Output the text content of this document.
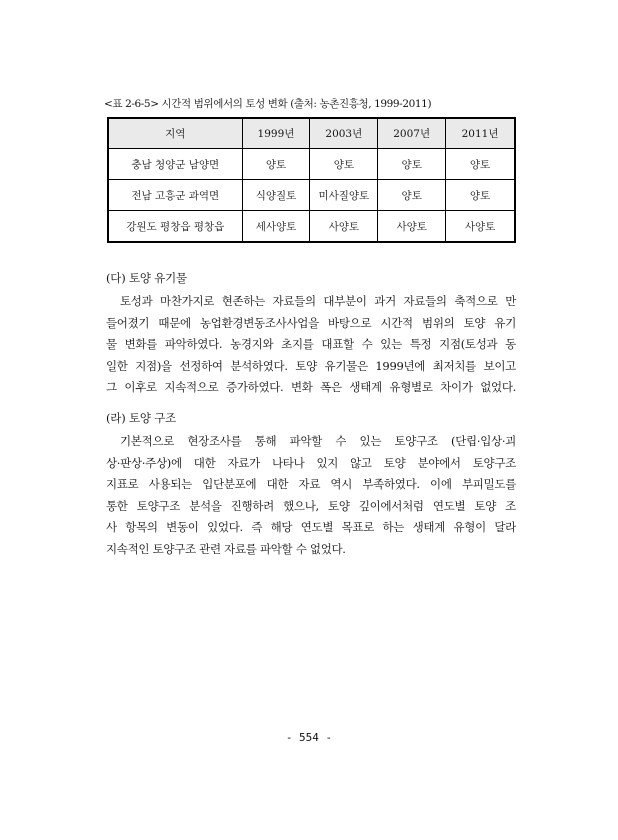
<표 2-6-5> 시간적 범위에서의 토성 변화 (출처: 농촌진흥청, 1999-2011)
지역	1999년	2003년	2007년	2011년
충남 청양군 남양면	양토	양토	양토	양토
전남 고흥군 과역면	식양질토	미사질양토	양토	양토
강원도 평창읍 평창읍	세사양토	사양토	사양토	사양토
(다) 토양 유기물
토성과 마찬가지로 현존하는 자료들의 대부분이 과거 자료들의 축적으로 만
들어졌기 때문에 농업환경변동조사사업을 바탕으로 시간적 범위의 토양 유기
물 변화를 파악하였다. 농경지와 초지를 대표할 수 있는 특정 지점(토성과 동
일한 지점)을 선정하여 분석하였다. 토양 유기물은 1999년에 최저치를 보이고
그 이후로 지속적으로 증가하였다. 변화 폭은 생태계 유형별로 차이가 없었다.
(라) 토양 구조
기본적으로 현장조사를 통해 파악할 수 있는 토양구조 (단립·입상·괴
상·판상·주상)에 대한 자료가 나타나 있지 않고 토양 분야에서 토양구조
지표로 사용되는 입단분포에 대한 자료 역시 부족하였다. 이에 부피밀도를
통한 토양구조 분석을 진행하려 했으나, 토양 깊이에서처럼 연도별 토양 조
사 항목의 변동이 있었다. 즉 해당 연도별 목표로 하는 생태계 유형이 달라
지속적인 토양구조 관련 자료를 파악할 수 없었다.
- 554 -
